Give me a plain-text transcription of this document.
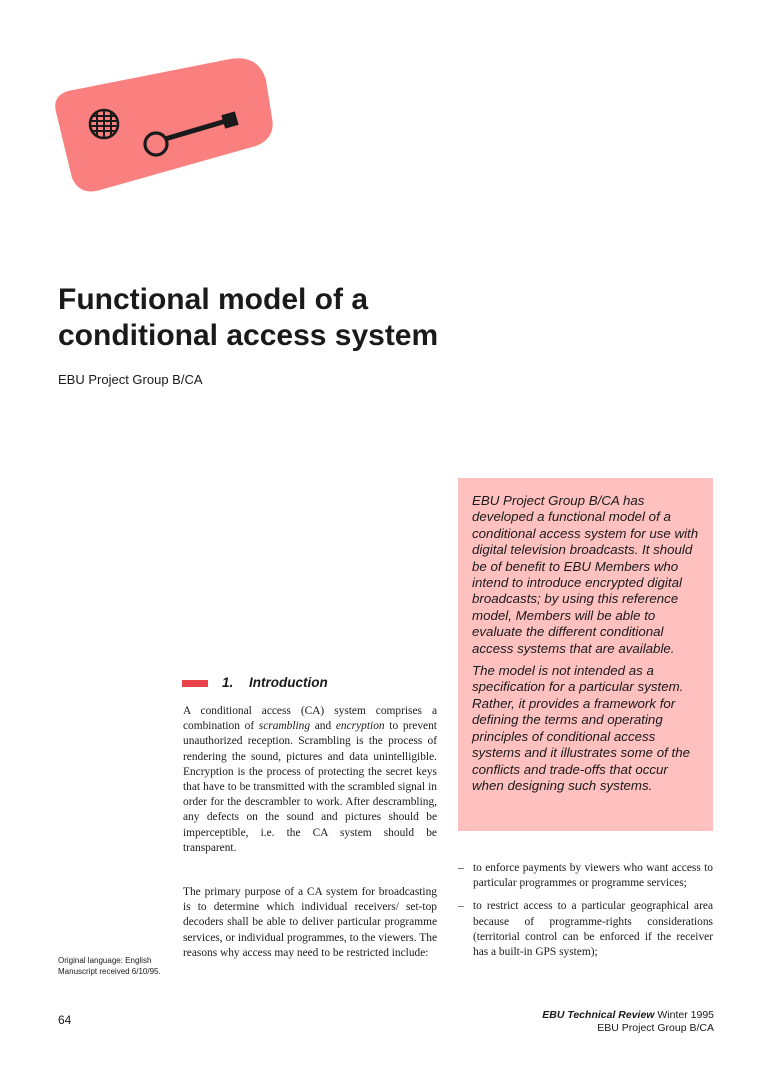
Functional model of a
conditional access system
EBU Project Group B/CA

EBU Project Group B/CA has developed a functional model of a conditional access system for use with digital television broadcasts. It should be of benefit to EBU Members who intend to introduce encrypted digital broadcasts; by using this reference model, Members will be able to evaluate the different conditional access systems that are available.

The model is not intended as a specification for a particular system. Rather, it provides a framework for defining the terms and operating principles of conditional access systems and it illustrates some of the conflicts and trade-offs that occur when designing such systems.

1. Introduction

A conditional access (CA) system comprises a combination of scrambling and encryption to prevent unauthorized reception. Scrambling is the process of rendering the sound, pictures and data unintelligible. Encryption is the process of protecting the secret keys that have to be transmitted with the scrambled signal in order for the descrambler to work. After descrambling, any defects on the sound and pictures should be imperceptible, i.e. the CA system should be transparent.

The primary purpose of a CA system for broadcasting is to determine which individual receivers/ set-top decoders shall be able to deliver particular programme services, or individual programmes, to the viewers. The reasons why access may need to be restricted include:

– to enforce payments by viewers who want access to particular programmes or programme services;
– to restrict access to a particular geographical area because of programme-rights considerations (territorial control can be enforced if the receiver has a built-in GPS system);
Original language: English
Manuscript received 6/10/95.
64	EBU Technical Review Winter 1995
EBU Project Group B/CA
